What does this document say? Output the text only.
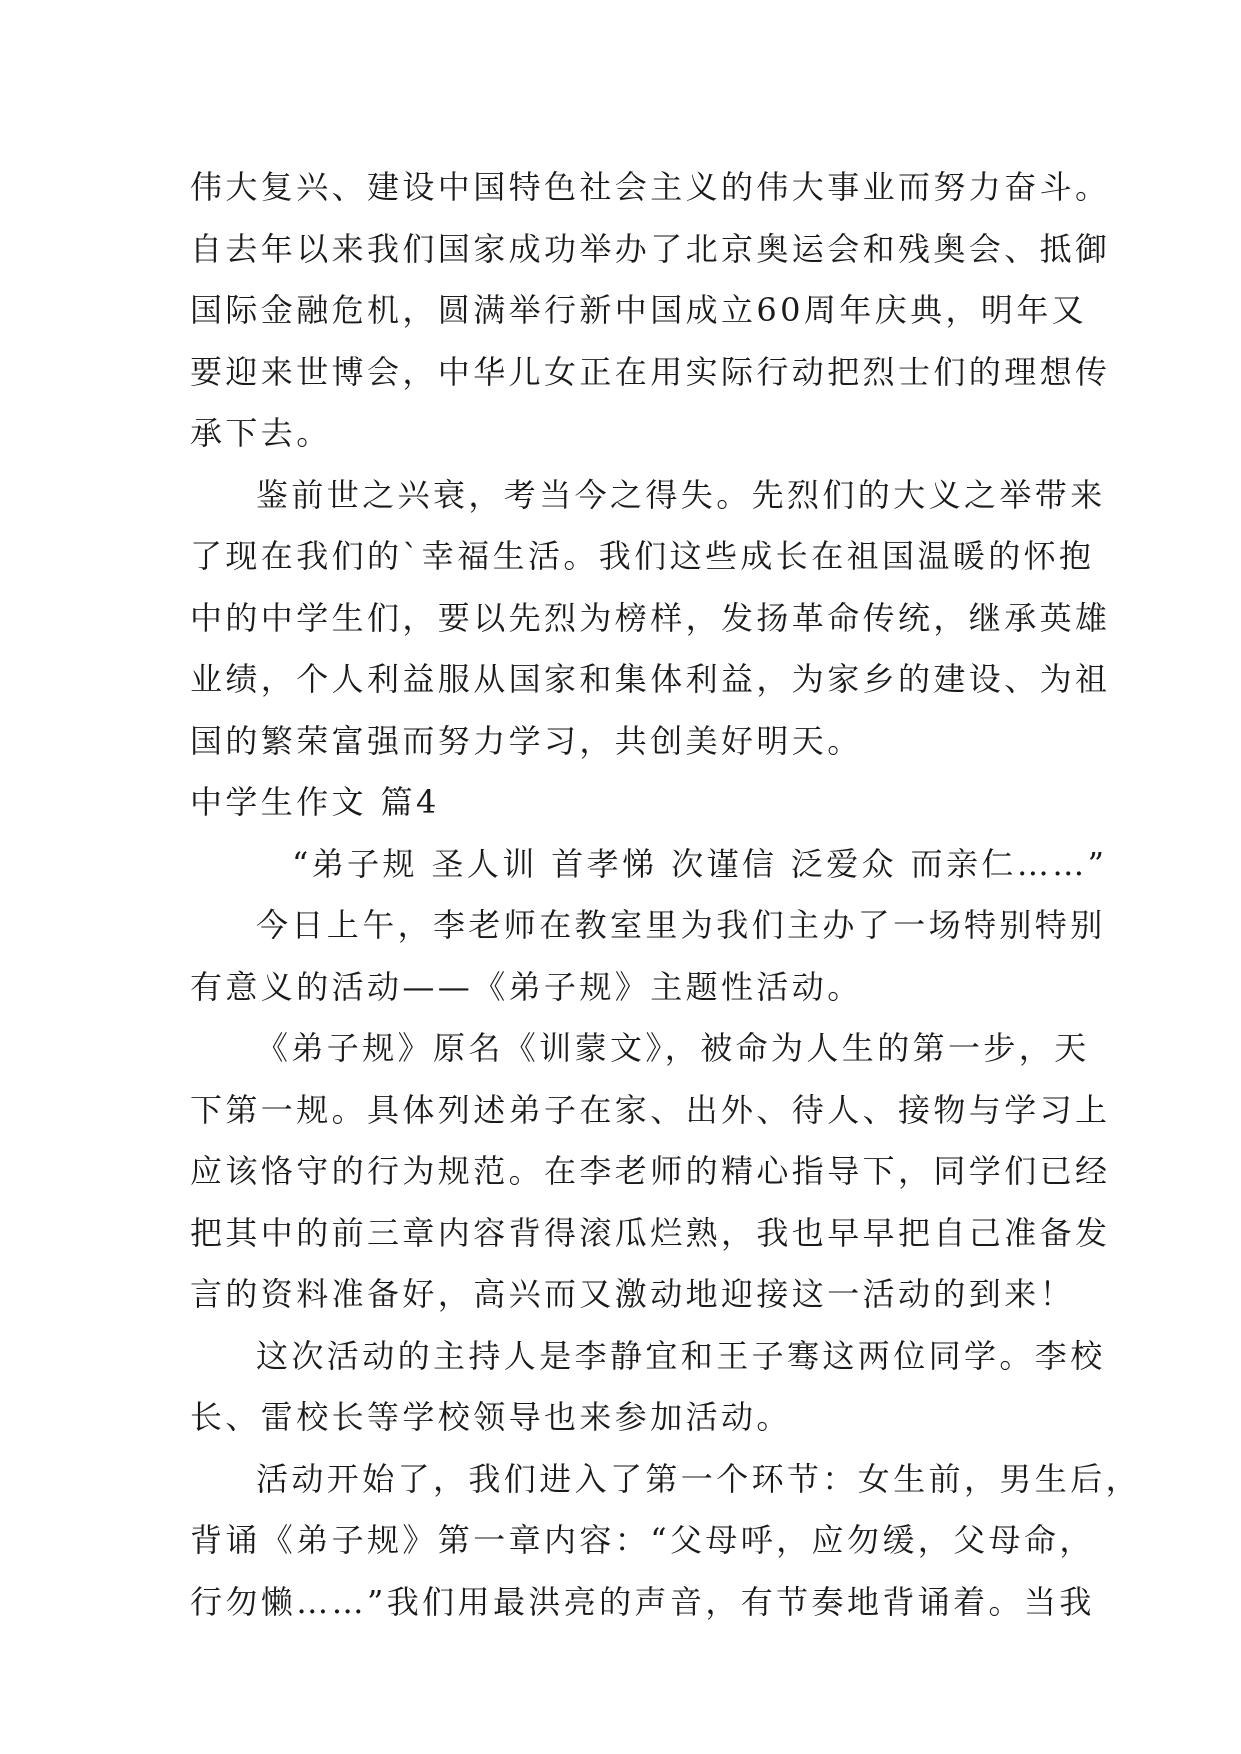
伟大复兴、建设中国特色社会主义的伟大事业而努力奋斗。
自去年以来我们国家成功举办了北京奥运会和残奥会、抵御
国际金融危机，圆满举行新中国成立60周年庆典，明年又
要迎来世博会，中华儿女正在用实际行动把烈士们的理想传
承下去。
鉴前世之兴衰，考当今之得失。先烈们的大义之举带来
了现在我们的`幸福生活。我们这些成长在祖国温暖的怀抱
中的中学生们，要以先烈为榜样，发扬革命传统，继承英雄
业绩，个人利益服从国家和集体利益，为家乡的建设、为祖
国的繁荣富强而努力学习，共创美好明天。
中学生作文 篇4
“弟子规 圣人训 首孝悌 次谨信 泛爱众 而亲仁……”
今日上午，李老师在教室里为我们主办了一场特别特别
有意义的活动——《弟子规》主题性活动。
《弟子规》原名《训蒙文》，被命为人生的第一步，天
下第一规。具体列述弟子在家、出外、待人、接物与学习上
应该恪守的行为规范。在李老师的精心指导下，同学们已经
把其中的前三章内容背得滚瓜烂熟，我也早早把自己准备发
言的资料准备好，高兴而又激动地迎接这一活动的到来！
这次活动的主持人是李静宜和王子骞这两位同学。李校
长、雷校长等学校领导也来参加活动。
活动开始了，我们进入了第一个环节：女生前，男生后，
背诵《弟子规》第一章内容：“父母呼，应勿缓，父母命，
行勿懒……”我们用最洪亮的声音，有节奏地背诵着。当我
